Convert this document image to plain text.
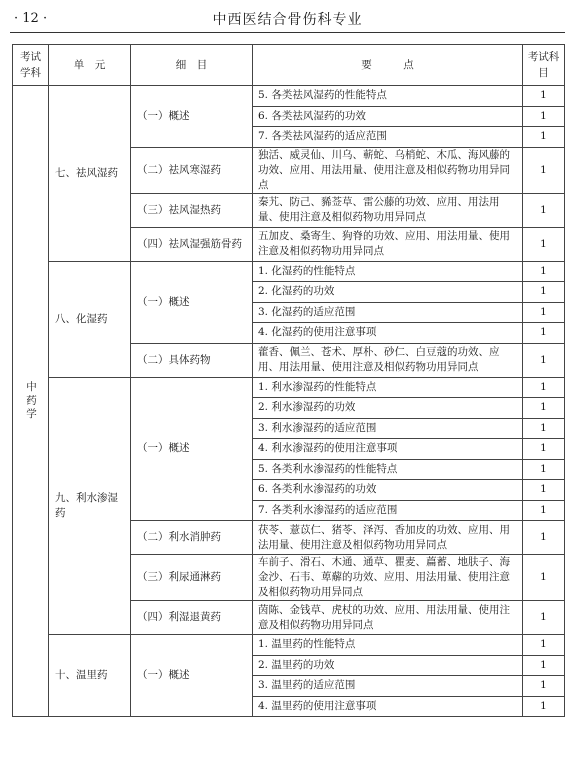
· 12 ·	中西医结合骨伤科专业
考试学科	单　元	细　目	要　　　点	考试科目
中药学	七、祛风湿药	（一）概述	5. 各类祛风湿药的性能特点	1
			6. 各类祛风湿药的功效	1
			7. 各类祛风湿药的适应范围	1
		（二）祛风寒湿药	独活、威灵仙、川乌、蕲蛇、乌梢蛇、木瓜、海风藤的功效、应用、用法用量、使用注意及相似药物功用异同点	1
		（三）祛风湿热药	秦艽、防己、豨莶草、雷公藤的功效、应用、用法用量、使用注意及相似药物功用异同点	1
		（四）祛风湿强筋骨药	五加皮、桑寄生、狗脊的功效、应用、用法用量、使用注意及相似药物功用异同点	1
	八、化湿药	（一）概述	1. 化湿药的性能特点	1
			2. 化湿药的功效	1
			3. 化湿药的适应范围	1
			4. 化湿药的使用注意事项	1
		（二）具体药物	藿香、佩兰、苍术、厚朴、砂仁、白豆蔻的功效、应用、用法用量、使用注意及相似药物功用异同点	1
	九、利水渗湿药	（一）概述	1. 利水渗湿药的性能特点	1
			2. 利水渗湿药的功效	1
			3. 利水渗湿药的适应范围	1
			4. 利水渗湿药的使用注意事项	1
			5. 各类利水渗湿药的性能特点	1
			6. 各类利水渗湿药的功效	1
			7. 各类利水渗湿药的适应范围	1
		（二）利水消肿药	茯苓、薏苡仁、猪苓、泽泻、香加皮的功效、应用、用法用量、使用注意及相似药物功用异同点	1
		（三）利尿通淋药	车前子、滑石、木通、通草、瞿麦、萹蓄、地肤子、海金沙、石韦、萆薢的功效、应用、用法用量、使用注意及相似药物功用异同点	1
		（四）利湿退黄药	茵陈、金钱草、虎杖的功效、应用、用法用量、使用注意及相似药物功用异同点	1
	十、温里药	（一）概述	1. 温里药的性能特点	1
			2. 温里药的功效	1
			3. 温里药的适应范围	1
			4. 温里药的使用注意事项	1
